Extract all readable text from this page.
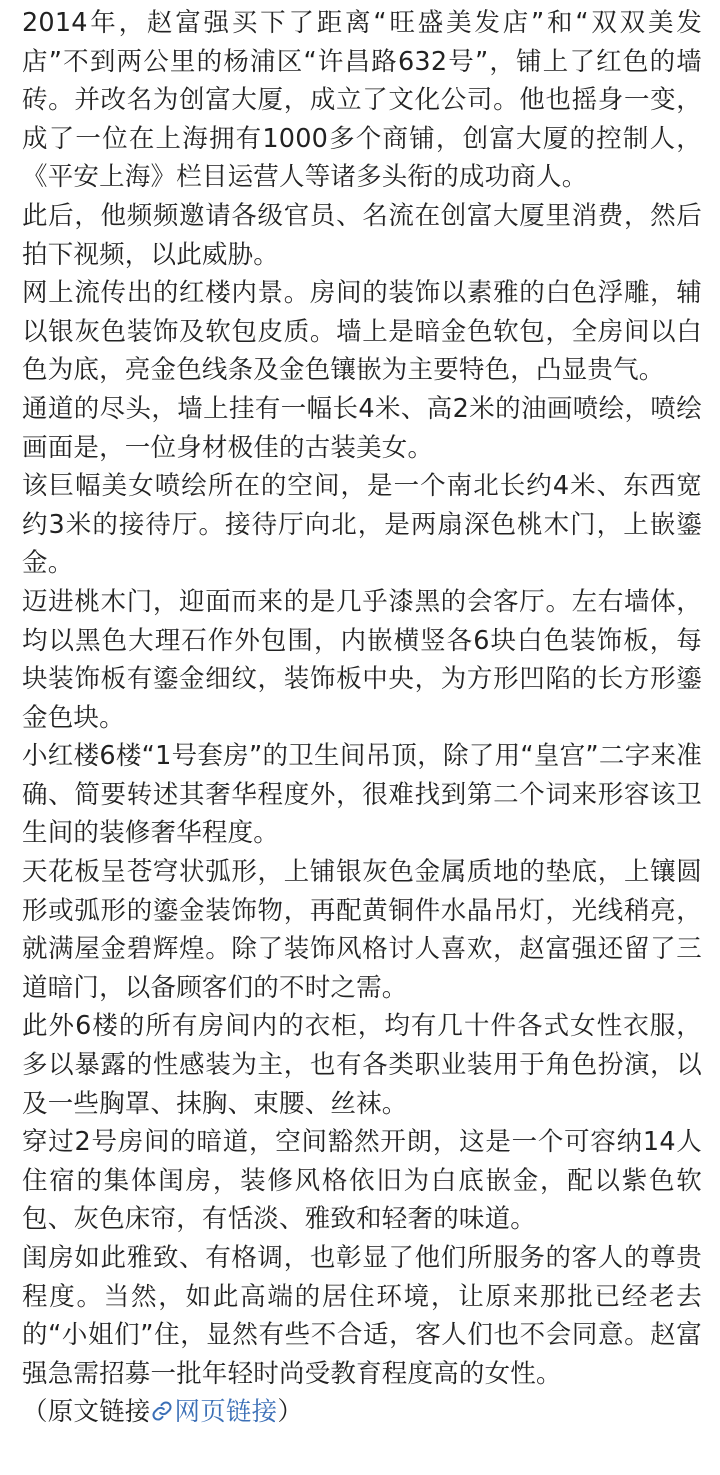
2014年，赵富强买下了距离“旺盛美发店”和“双双美发店”不到两公里的杨浦区“许昌路632号”，铺上了红色的墙砖。并改名为创富大厦，成立了文化公司。他也摇身一变，成了一位在上海拥有1000多个商铺，创富大厦的控制人，《平安上海》栏目运营人等诸多头衔的成功商人。

此后，他频频邀请各级官员、名流在创富大厦里消费，然后拍下视频，以此威胁。

网上流传出的红楼内景。房间的装饰以素雅的白色浮雕，辅以银灰色装饰及软包皮质。墙上是暗金色软包，全房间以白色为底，亮金色线条及金色镶嵌为主要特色，凸显贵气。

通道的尽头，墙上挂有一幅长4米、高2米的油画喷绘，喷绘画面是，一位身材极佳的古装美女。

该巨幅美女喷绘所在的空间，是一个南北长约4米、东西宽约3米的接待厅。接待厅向北，是两扇深色桃木门，上嵌鎏金。

迈进桃木门，迎面而来的是几乎漆黑的会客厅。左右墙体，均以黑色大理石作外包围，内嵌横竖各6块白色装饰板，每块装饰板有鎏金细纹，装饰板中央，为方形凹陷的长方形鎏金色块。

小红楼6楼“1号套房”的卫生间吊顶，除了用“皇宫”二字来准确、简要转述其奢华程度外，很难找到第二个词来形容该卫生间的装修奢华程度。

天花板呈苍穹状弧形，上铺银灰色金属质地的垫底，上镶圆形或弧形的鎏金装饰物，再配黄铜件水晶吊灯，光线稍亮，就满屋金碧辉煌。除了装饰风格讨人喜欢，赵富强还留了三道暗门，以备顾客们的不时之需。

此外6楼的所有房间内的衣柜，均有几十件各式女性衣服，多以暴露的性感装为主，也有各类职业装用于角色扮演，以及一些胸罩、抹胸、束腰、丝袜。

穿过2号房间的暗道，空间豁然开朗，这是一个可容纳14人住宿的集体闺房，装修风格依旧为白底嵌金，配以紫色软包、灰色床帘，有恬淡、雅致和轻奢的味道。

闺房如此雅致、有格调，也彰显了他们所服务的客人的尊贵程度。当然，如此高端的居住环境，让原来那批已经老去的“小姐们”住，显然有些不合适，客人们也不会同意。赵富强急需招募一批年轻时尚受教育程度高的女性。

（原文链接 网页链接）
